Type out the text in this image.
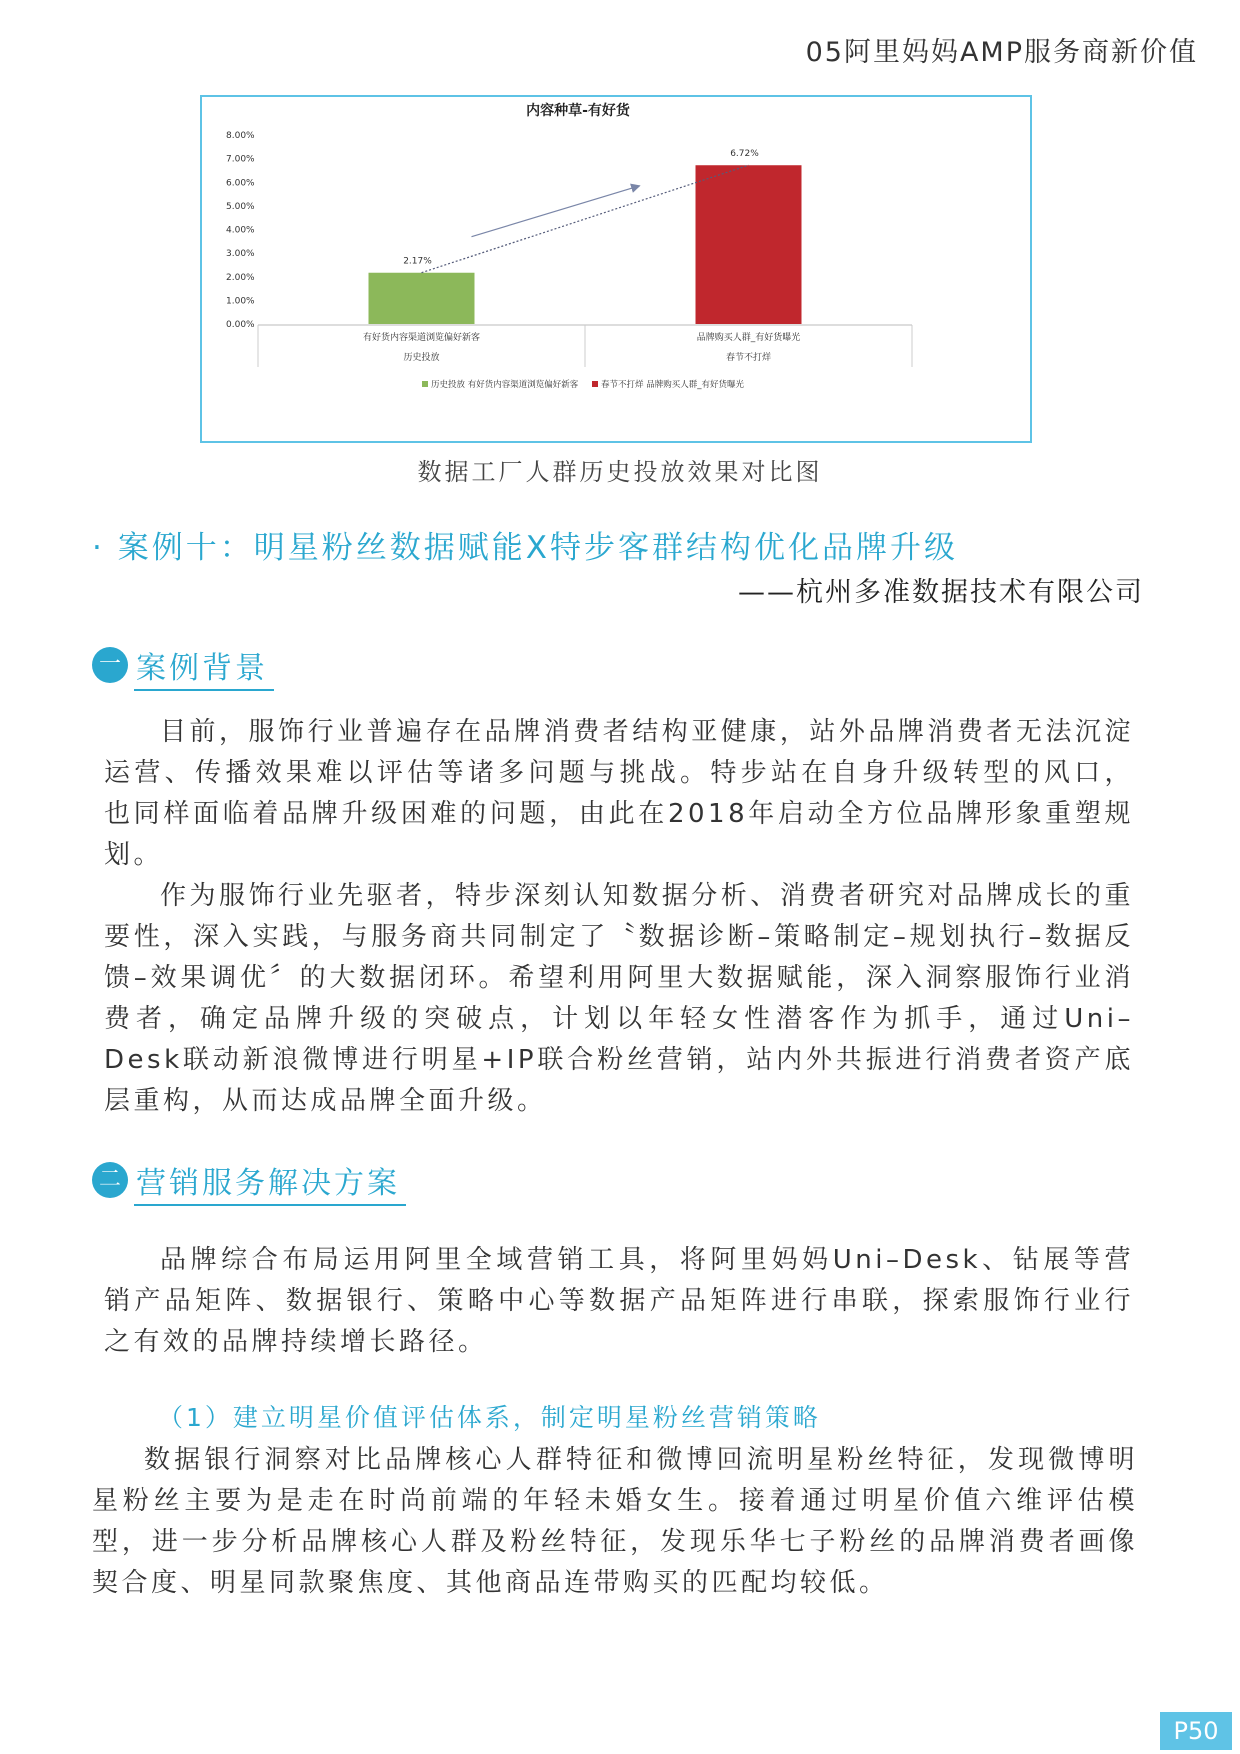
05阿里妈妈AMP服务商新价值
内容种草-有好货
8.00%
7.00%
6.00%
5.00%
4.00%
3.00%
2.00%
1.00%
0.00%
2.17%
有好货内容渠道浏览偏好新客
历史投放
6.72%
品牌购买人群_有好货曝光
春节不打烊
历史投放 有好货内容渠道浏览偏好新客	春节不打烊 品牌购买人群_有好货曝光
数据工厂人群历史投放效果对比图
· 案例十：明星粉丝数据赋能X特步客群结构优化品牌升级
——杭州多准数据技术有限公司
一 案例背景

目前，服饰行业普遍存在品牌消费者结构亚健康，站外品牌消费者无法沉淀运营、传播效果难以评估等诸多问题与挑战。特步站在自身升级转型的风口，也同样面临着品牌升级困难的问题，由此在2018年启动全方位品牌形象重塑规划。

作为服饰行业先驱者，特步深刻认知数据分析、消费者研究对品牌成长的重要性，深入实践，与服务商共同制定了〝数据诊断–策略制定–规划执行–数据反馈–效果调优〞的大数据闭环。希望利用阿里大数据赋能，深入洞察服饰行业消费者，确定品牌升级的突破点，计划以年轻女性潜客作为抓手，通过Uni–Desk联动新浪微博进行明星+IP联合粉丝营销，站内外共振进行消费者资产底层重构，从而达成品牌全面升级。

二 营销服务解决方案

品牌综合布局运用阿里全域营销工具，将阿里妈妈Uni–Desk、钻展等营销产品矩阵、数据银行、策略中心等数据产品矩阵进行串联，探索服饰行业行之有效的品牌持续增长路径。

（1）建立明星价值评估体系，制定明星粉丝营销策略

数据银行洞察对比品牌核心人群特征和微博回流明星粉丝特征，发现微博明星粉丝主要为是走在时尚前端的年轻未婚女生。接着通过明星价值六维评估模型，进一步分析品牌核心人群及粉丝特征，发现乐华七子粉丝的品牌消费者画像契合度、明星同款聚焦度、其他商品连带购买的匹配均较低。

P50
